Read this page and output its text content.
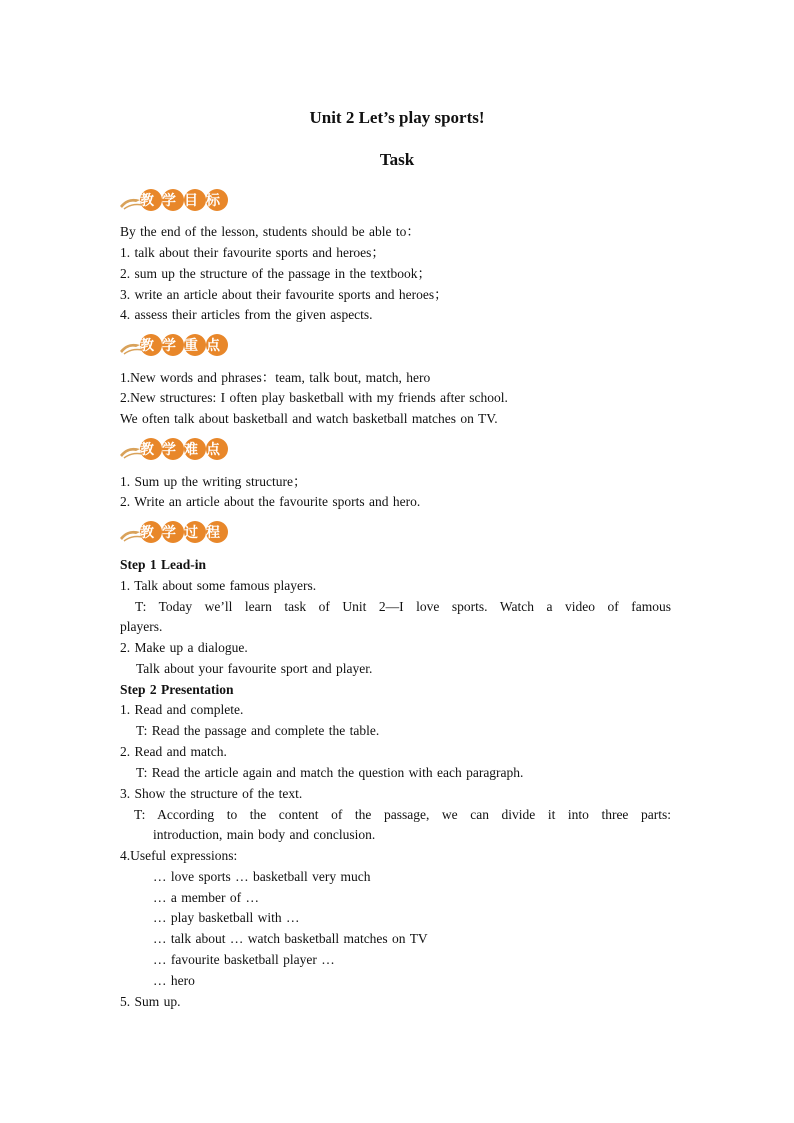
Unit 2 Let’s play sports!
Task
教学目标
By the end of the lesson, students should be able to：
1. talk about their favourite sports and heroes；
2. sum up the structure of the passage in the textbook；
3. write an article about their favourite sports and heroes；
4. assess their articles from the given aspects.
教学重点
1.New words and phrases：team, talk bout, match, hero
2.New structures: I often play basketball with my friends after school.
We often talk about basketball and watch basketball matches on TV.
教学难点
1. Sum up the writing structure；
2. Write an article about the favourite sports and hero.
教学过程
Step 1 Lead-in
1. Talk about some famous players.
T: Today we’ll learn task of Unit 2—I love sports. Watch a video of famous
players.
2. Make up a dialogue.
Talk about your favourite sport and player.
Step 2 Presentation
1. Read and complete.
T: Read the passage and complete the table.
2. Read and match.
T: Read the article again and match the question with each paragraph.
3. Show the structure of the text.
T: According to the content of the passage, we can divide it into three parts:
introduction, main body and conclusion.
4.Useful expressions:
… love sports … basketball very much
… a member of …
… play basketball with …
… talk about … watch basketball matches on TV
… favourite basketball player …
… hero
5. Sum up.
